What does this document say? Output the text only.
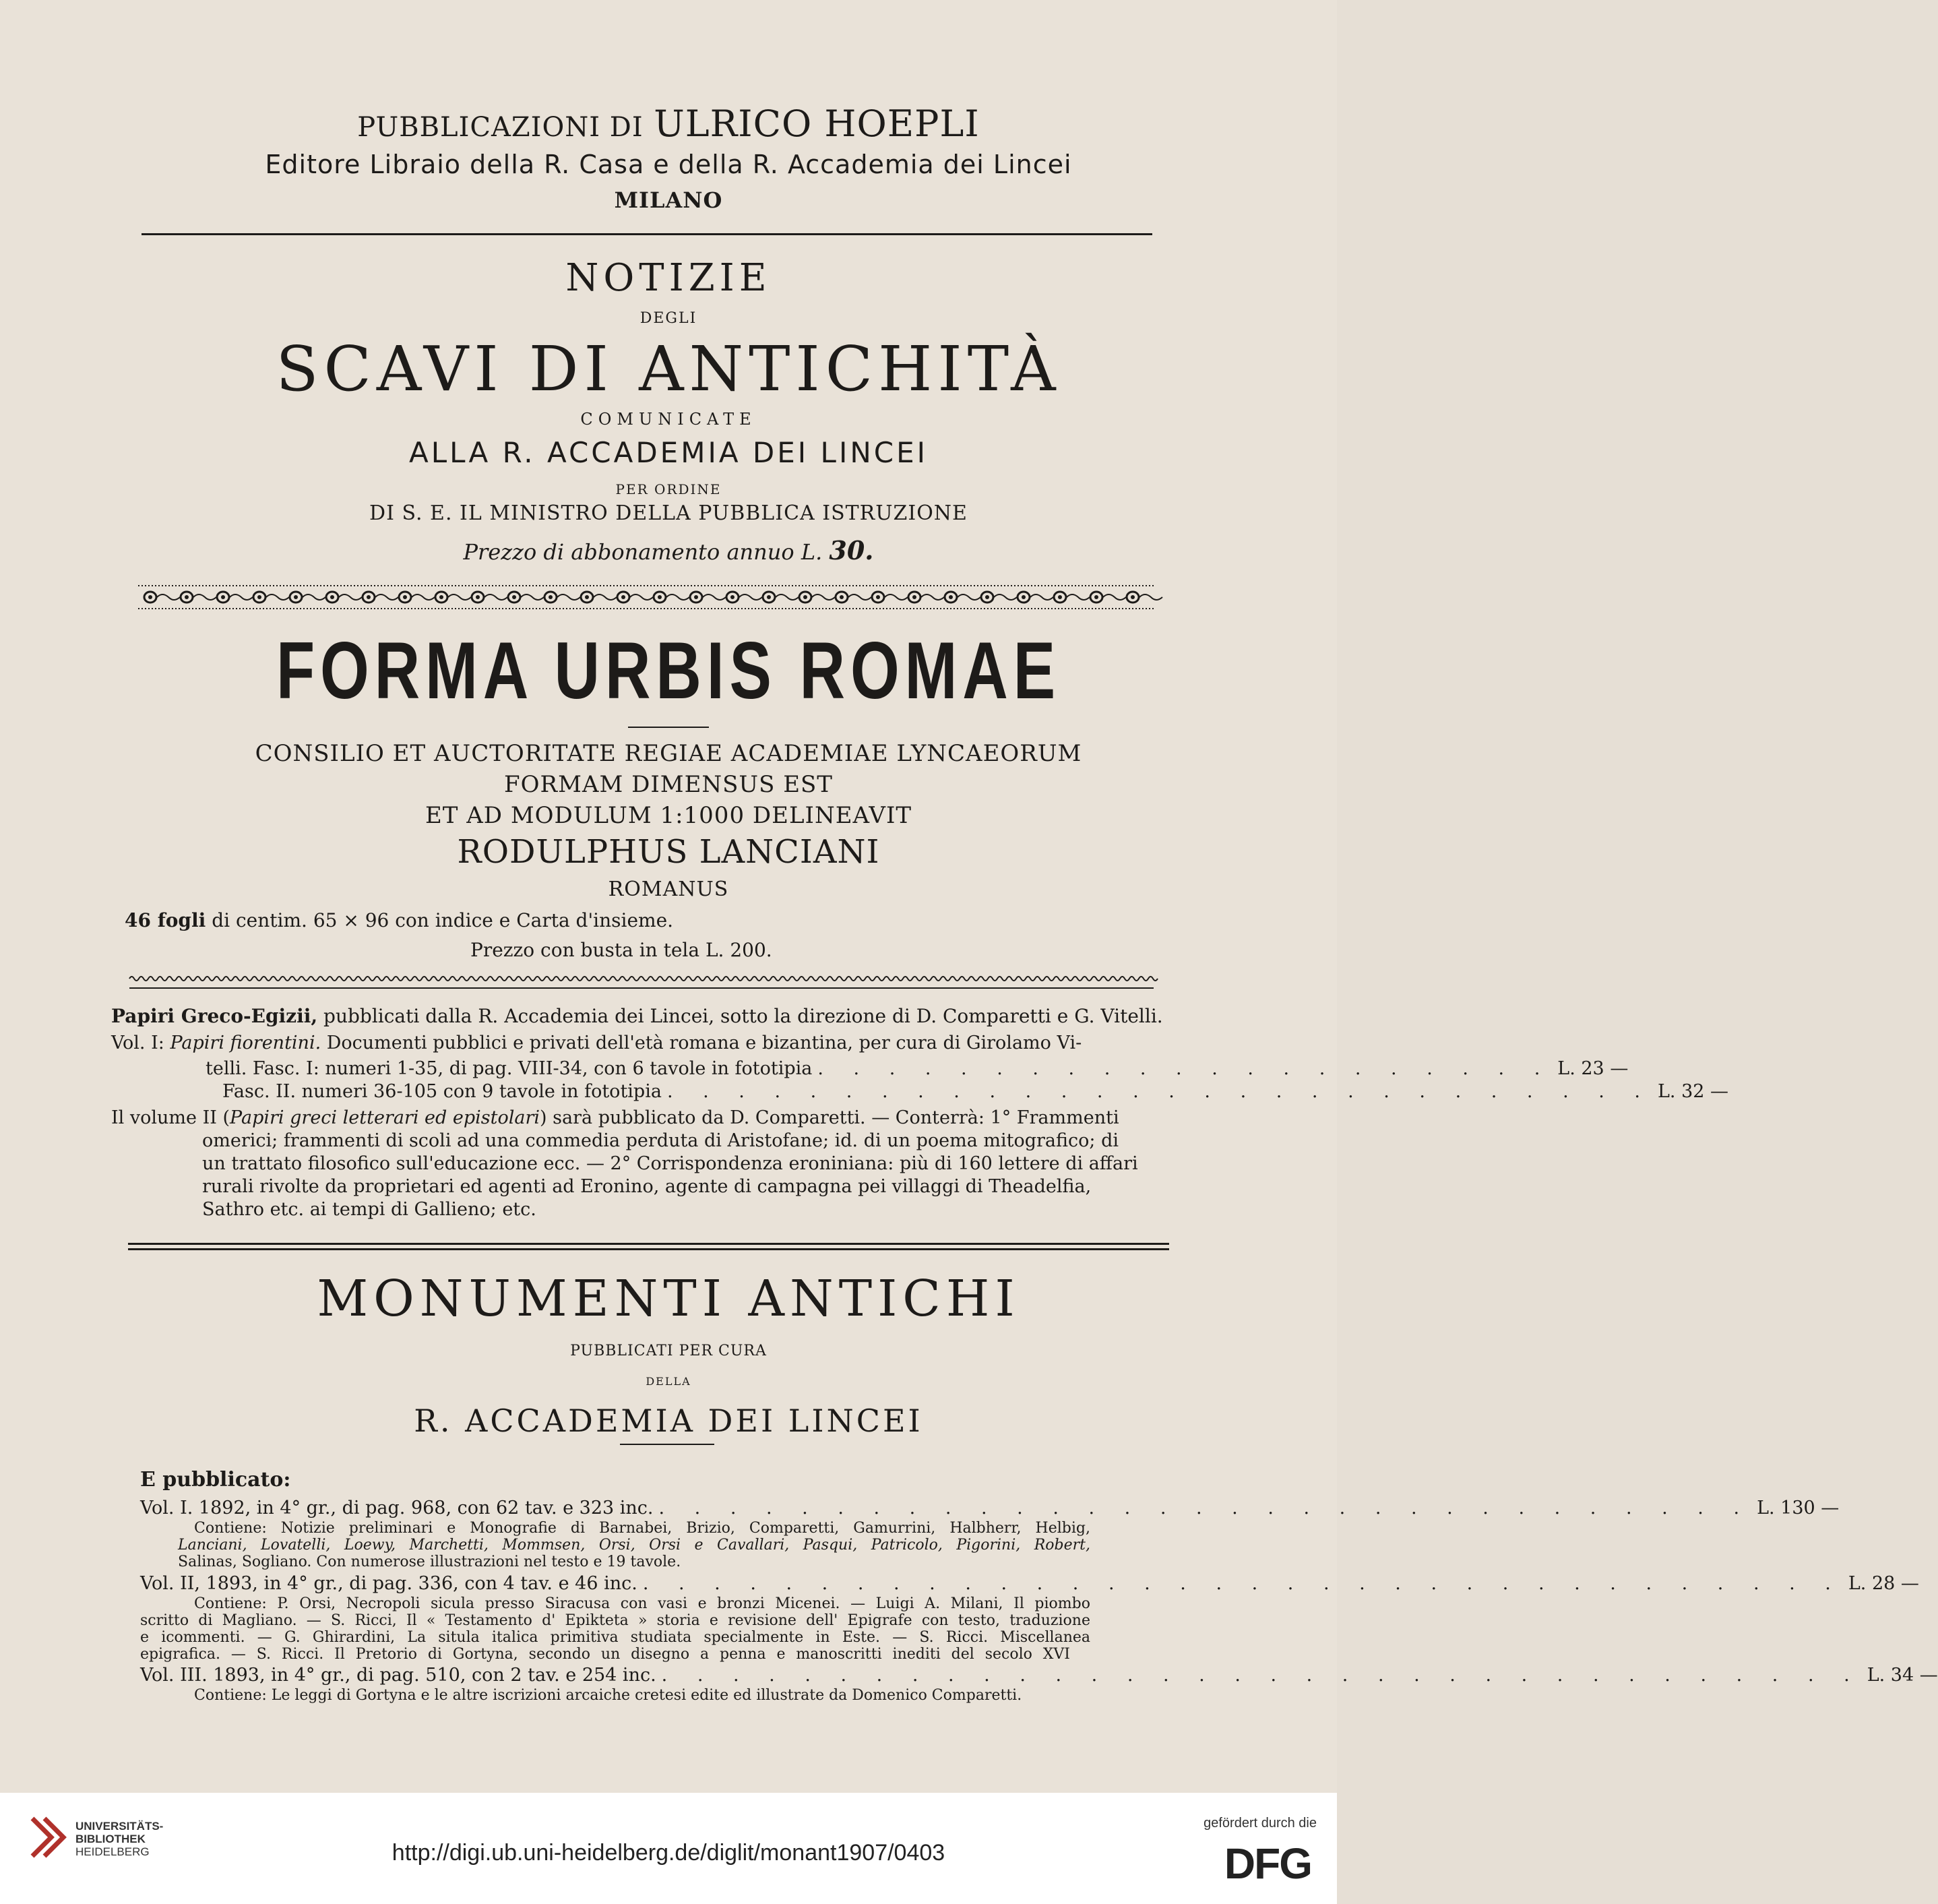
PUBBLICAZIONI DI ULRICO HOEPLI
Editore Libraio della R. Casa e della R. Accademia dei Lincei
MILANO
NOTIZIE
DEGLI
SCAVI DI ANTICHITÀ
COMUNICATE
ALLA R. ACCADEMIA DEI LINCEI
PER ORDINE
DI S. E. IL MINISTRO DELLA PUBBLICA ISTRUZIONE
Prezzo di abbonamento annuo L. 30.
FORMA URBIS ROMAE
CONSILIO ET AUCTORITATE REGIAE ACADEMIAE LYNCAEORUM
FORMAM DIMENSUS EST
ET AD MODULUM 1:1000 DELINEAVIT
RODULPHUS LANCIANI
ROMANUS
46 fogli di centim. 65 × 96 con indice e Carta d'insieme.
Prezzo con busta in tela L. 200.
Papiri Greco-Egizii, pubblicati dalla R. Accademia dei Lincei, sotto la direzione di D. Comparetti e G. Vitelli.
Vol. I: Papiri fiorentini. Documenti pubblici e privati dell'età romana e bizantina, per cura di Girolamo Vi-
telli. Fasc. I: numeri 1-35, di pag. VIII-34, con 6 tavole in fototipia . . . . . . . . . . . . . . . . . . . . . L. 23 —
Fasc. II. numeri 36-105 con 9 tavole in fototipia . . . . . . . . . . . . . . . . . . . . . . . . . . . . L. 32 —
Il volume II (Papiri greci letterari ed epistolari) sarà pubblicato da D. Comparetti. — Conterrà: 1° Frammenti
omerici; frammenti di scoli ad una commedia perduta di Aristofane; id. di un poema mitografico; di
un trattato filosofico sull'educazione ecc. — 2° Corrispondenza eroniniana: più di 160 lettere di affari
rurali rivolte da proprietari ed agenti ad Eronino, agente di campagna pei villaggi di Theadelfia,
Sathro etc. ai tempi di Gallieno; etc.
MONUMENTI ANTICHI
PUBBLICATI PER CURA
DELLA
R. ACCADEMIA DEI LINCEI
E pubblicato:
Vol. I. 1892, in 4° gr., di pag. 968, con 62 tav. e 323 inc. . . . . . . . . . . . . . . . . . . . . . . . . . . . . . . . L. 130 —
Contiene: Notizie preliminari e Monografie di Barnabei, Brizio, Comparetti, Gamurrini, Halbherr, Helbig,
Lanciani, Lovatelli, Loewy, Marchetti, Mommsen, Orsi, Orsi e Cavallari, Pasqui, Patricolo, Pigorini, Robert,
Salinas, Sogliano. Con numerose illustrazioni nel testo e 19 tavole.
Vol. II, 1893, in 4° gr., di pag. 336, con 4 tav. e 46 inc. . . . . . . . . . . . . . . . . . . . . . . . . . . . . . . . . . . L. 28 —
Contiene: P. Orsi, Necropoli sicula presso Siracusa con vasi e bronzi Micenei. — Luigi A. Milani, Il piombo
scritto di Magliano. — S. Ricci, Il « Testamento d' Epikteta » storia e revisione dell' Epigrafe con testo, traduzione
e icommenti. — G. Ghirardini, La situla italica primitiva studiata specialmente in Este. — S. Ricci. Miscellanea
epigrafica. — S. Ricci. Il Pretorio di Gortyna, secondo un disegno a penna e manoscritti inediti del secolo XVI
Vol. III. 1893, in 4° gr., di pag. 510, con 2 tav. e 254 inc. . . . . . . . . . . . . . . . . . . . . . . . . . . . . . . . . . . L. 34 —
Contiene: Le leggi di Gortyna e le altre iscrizioni arcaiche cretesi edite ed illustrate da Domenico Comparetti.
UNIVERSITÄTS-
BIBLIOTHEK
HEIDELBERG	http://digi.ub.uni-heidelberg.de/diglit/monant1907/0403
gefördert durch die
DFG
